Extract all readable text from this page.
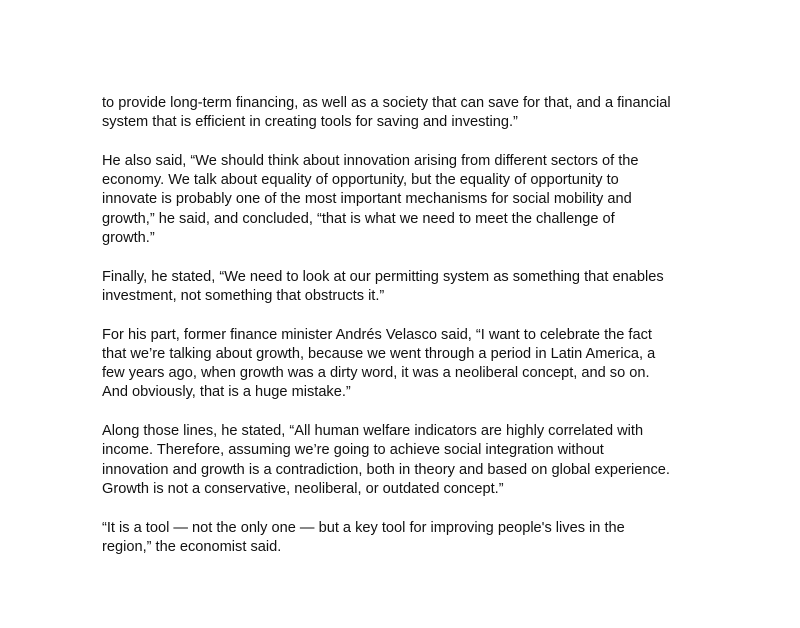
to provide long-term financing, as well as a society that can save for that, and a financial
system that is efficient in creating tools for saving and investing.”

He also said, “We should think about innovation arising from different sectors of the
economy. We talk about equality of opportunity, but the equality of opportunity to
innovate is probably one of the most important mechanisms for social mobility and
growth,” he said, and concluded, “that is what we need to meet the challenge of
growth.”

Finally, he stated, “We need to look at our permitting system as something that enables
investment, not something that obstructs it.”

For his part, former finance minister Andrés Velasco said, “I want to celebrate the fact
that we’re talking about growth, because we went through a period in Latin America, a
few years ago, when growth was a dirty word, it was a neoliberal concept, and so on.
And obviously, that is a huge mistake.”

Along those lines, he stated, “All human welfare indicators are highly correlated with
income. Therefore, assuming we’re going to achieve social integration without
innovation and growth is a contradiction, both in theory and based on global experience.
Growth is not a conservative, neoliberal, or outdated concept.”

“It is a tool — not the only one — but a key tool for improving people's lives in the
region,” the economist said.
